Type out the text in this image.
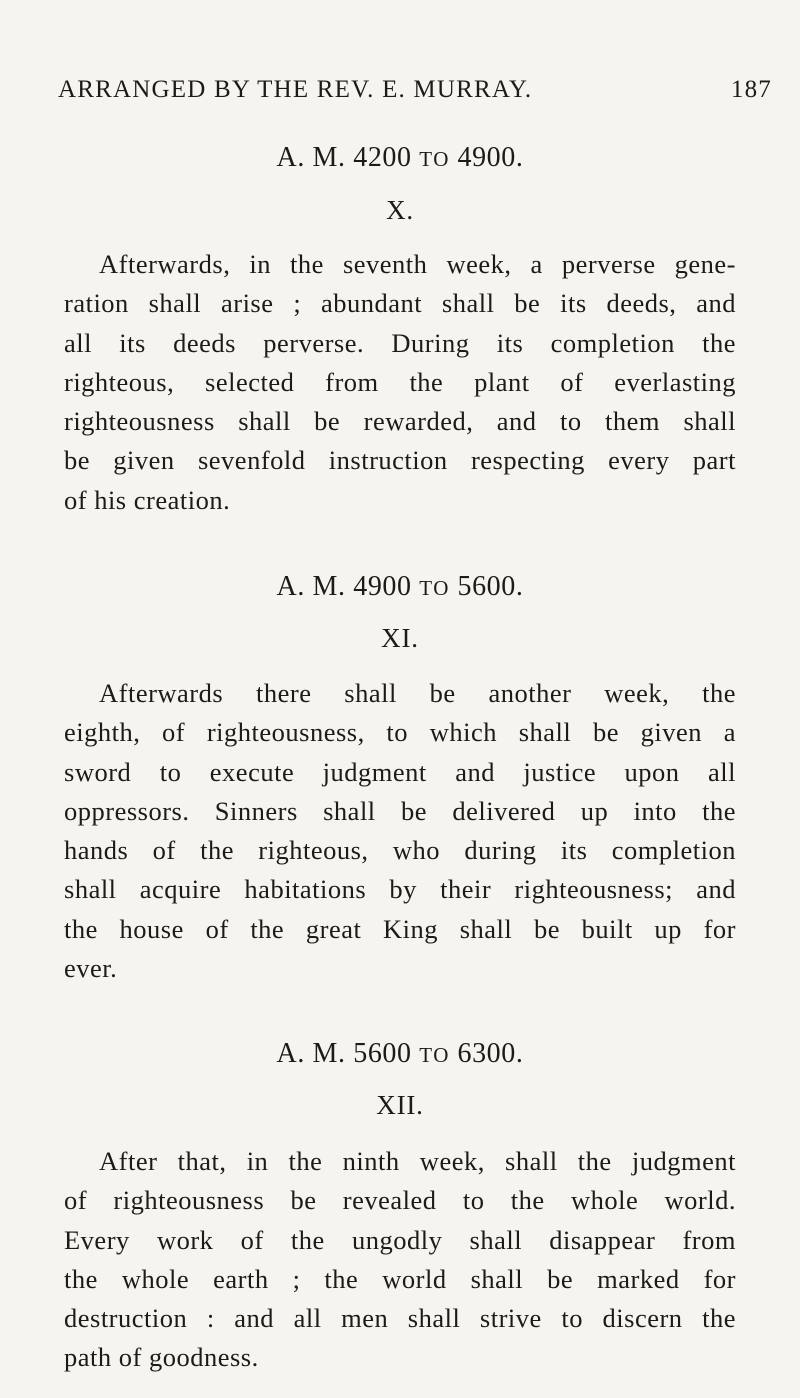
ARRANGED BY THE REV. E. MURRAY.	187
A. M. 4200 TO 4900.
X.

Afterwards, in the seventh week, a perverse gene-
ration shall arise ; abundant shall be its deeds, and
all its deeds perverse. During its completion the
righteous, selected from the plant of everlasting
righteousness shall be rewarded, and to them shall
be given sevenfold instruction respecting every part
of his creation.

A. M. 4900 TO 5600.
XI.

Afterwards there shall be another week, the
eighth, of righteousness, to which shall be given a
sword to execute judgment and justice upon all
oppressors. Sinners shall be delivered up into the
hands of the righteous, who during its completion
shall acquire habitations by their righteousness; and
the house of the great King shall be built up for
ever.

A. M. 5600 TO 6300.
XII.

After that, in the ninth week, shall the judgment
of righteousness be revealed to the whole world.
Every work of the ungodly shall disappear from
the whole earth ; the world shall be marked for
destruction : and all men shall strive to discern the
path of goodness.
